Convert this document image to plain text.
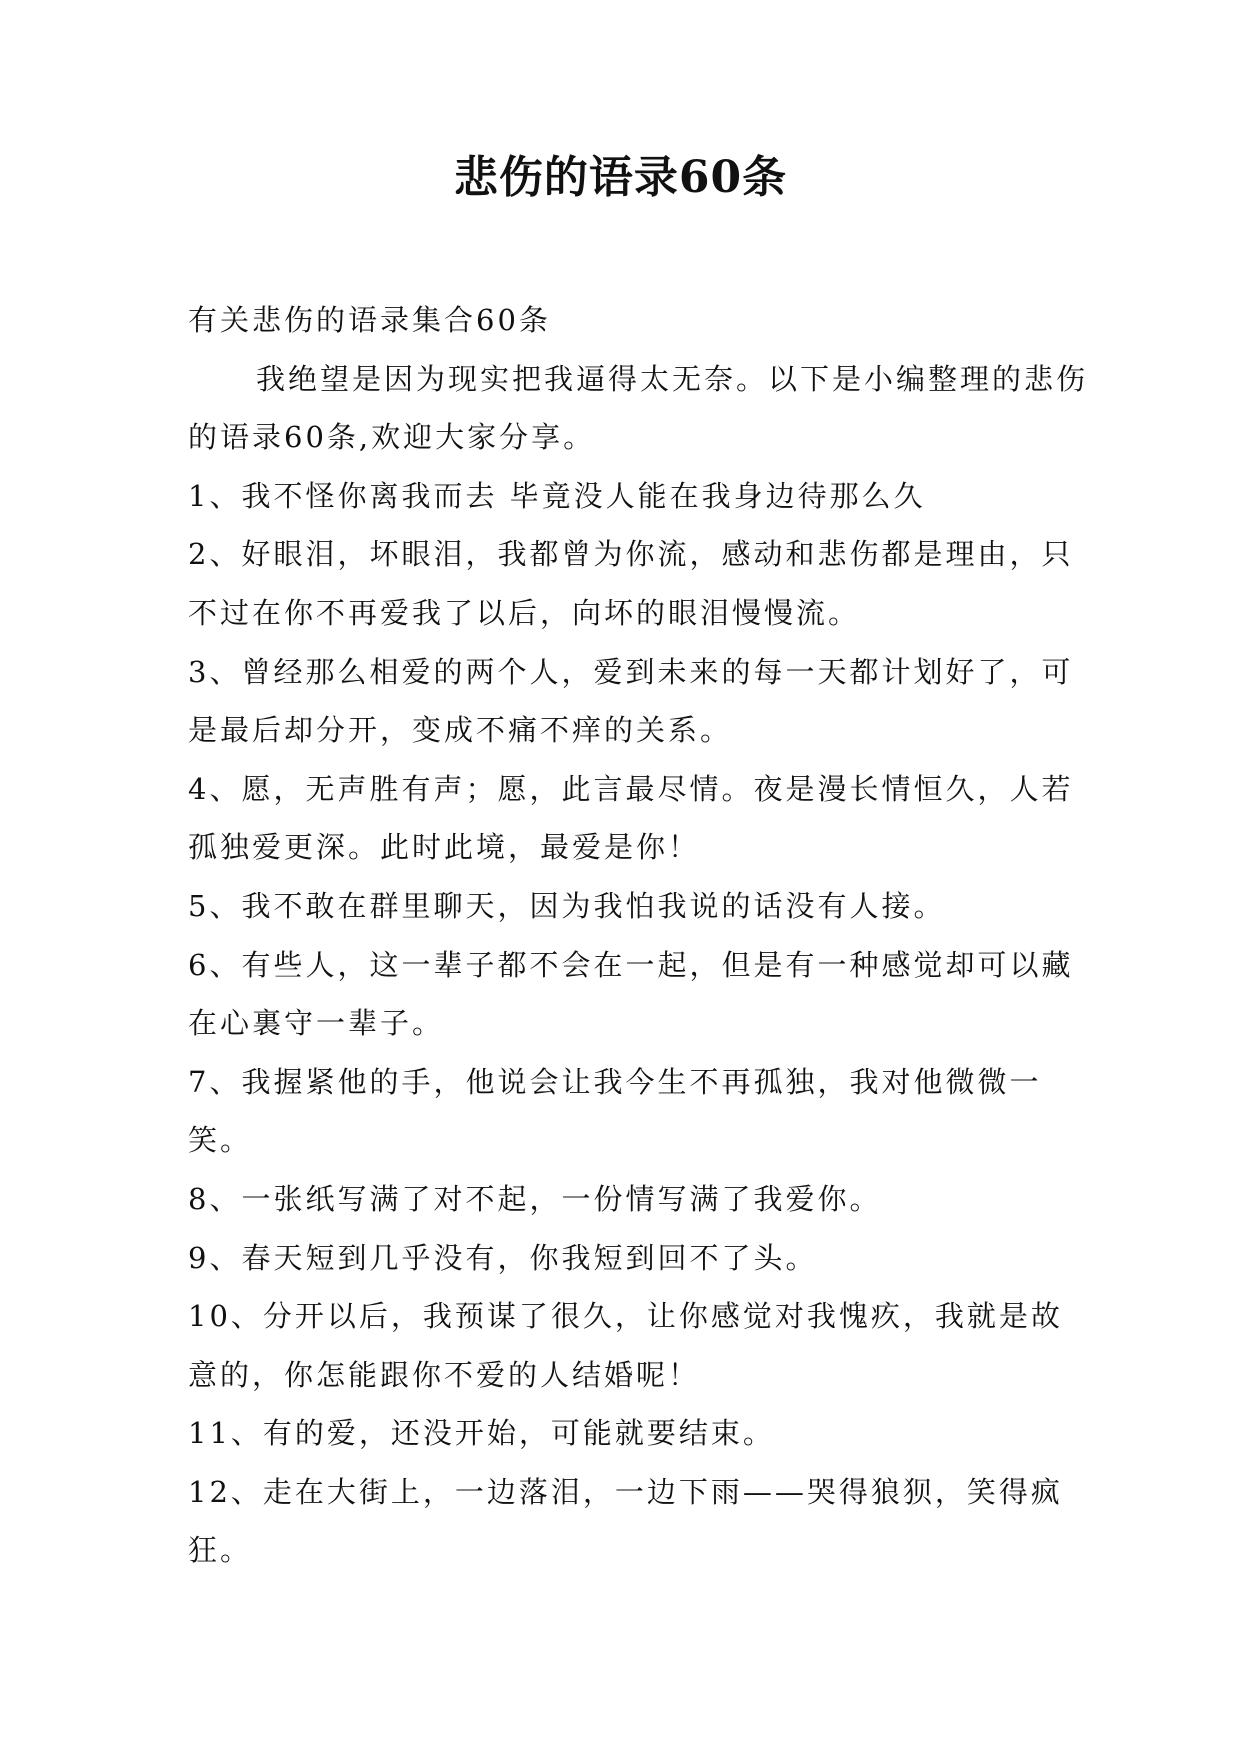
悲伤的语录60条

有关悲伤的语录集合60条

我绝望是因为现实把我逼得太无奈。以下是小编整理的悲伤的语录60条,欢迎大家分享。

1、我不怪你离我而去 毕竟没人能在我身边待那么久

2、好眼泪，坏眼泪，我都曾为你流，感动和悲伤都是理由，只不过在你不再爱我了以后，向坏的眼泪慢慢流。

3、曾经那么相爱的两个人，爱到未来的每一天都计划好了，可是最后却分开，变成不痛不痒的关系。

4、愿，无声胜有声；愿，此言最尽情。夜是漫长情恒久，人若孤独爱更深。此时此境，最爱是你！

5、我不敢在群里聊天，因为我怕我说的话没有人接。

6、有些人，这一辈子都不会在一起，但是有一种感觉却可以藏在心裏守一辈子。

7、我握紧他的手，他说会让我今生不再孤独，我对他微微一笑。

8、一张纸写满了对不起，一份情写满了我爱你。

9、春天短到几乎没有，你我短到回不了头。

10、分开以后，我预谋了很久，让你感觉对我愧疚，我就是故意的，你怎能跟你不爱的人结婚呢！

11、有的爱，还没开始，可能就要结束。

12、走在大街上，一边落泪，一边下雨——哭得狼狈，笑得疯狂。
